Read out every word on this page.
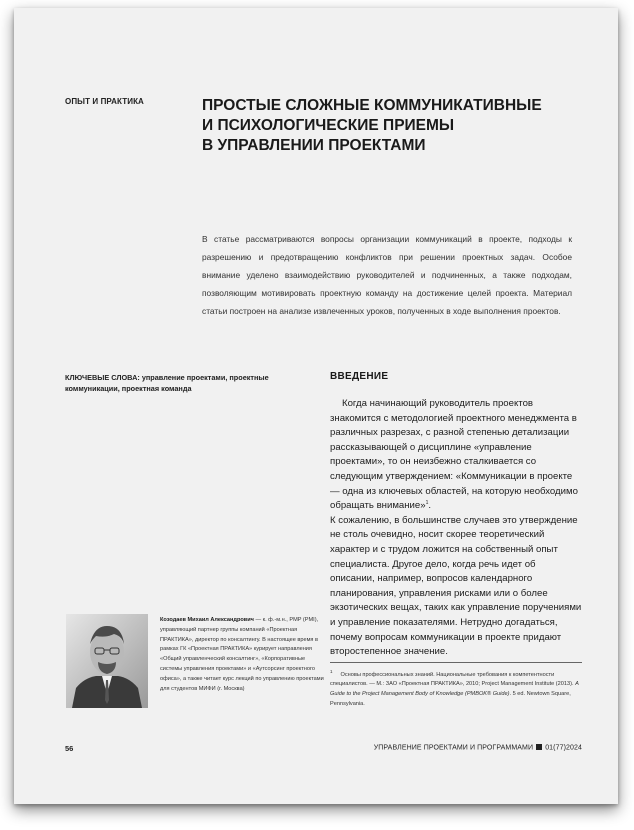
ОПЫТ И ПРАКТИКА	ПРОСТЫЕ СЛОЖНЫЕ КОММУНИКАТИВНЫЕ
И ПСИХОЛОГИЧЕСКИЕ ПРИЕМЫ
В УПРАВЛЕНИИ ПРОЕКТАМИ
В статье рассматриваются вопросы организации коммуникаций в проекте, подходы к разрешению и предотвращению конфликтов при решении проектных задач. Особое внимание уделено взаимодействию руководителей и подчиненных, а также подходам, позволяющим мотивировать проектную команду на достижение целей проекта. Материал статьи построен на анализе извлеченных уроков, полученных в ходе выполнения проектов.
КЛЮЧЕВЫЕ СЛОВА: управление проектами, проектные коммуникации, проектная команда
ВВЕДЕНИЕ

Когда начинающий руководитель проектов знакомится с методологией проектного менеджмента в различных разрезах, с разной степенью детализации рассказывающей о дисциплине «управление проектами», то он неизбежно сталкивается со следующим утверждением: «Коммуникации в проекте — одна из ключевых областей, на которую необходимо обращать внимание»$^1$.

К сожалению, в большинстве случаев это утверждение не столь очевидно, носит скорее теоретический характер и с трудом ложится на собственный опыт специалиста. Другое дело, когда речь идет об описании, например, вопросов календарного планирования, управления рисками или о более экзотических вещах, таких как управление поручениями и управление показателями. Нетрудно догадаться, почему вопросам коммуникации в проекте придают второстепенное значение.

Козодаев Михаил Александрович — к. ф.-м.н., PMP (PMI), управляющий партнер группы компаний «Проектная ПРАКТИКА», директор по консалтингу. В настоящее время в рамках ГК «Проектная ПРАКТИКА» курирует направления «Общий управленческий консалтинг», «Корпоративные системы управления проектами» и «Аутсорсинг проектного офиса», а также читает курс лекций по управлению проектами для студентов МИФИ (г. Москва)
$^1$Основы профессиональных знаний. Национальные требования к компетентности специалистов. — М.: ЗАО «Проектная ПРАКТИКА», 2010; Project Management Institute (2013). A Guide to the Project Management Body of Knowledge (PMBOK® Guide). 5 ed. Newtown Square, Pennsylvania.
56	УПРАВЛЕНИЕ ПРОЕКТАМИ И ПРОГРАММАМИ 01(77)2024
